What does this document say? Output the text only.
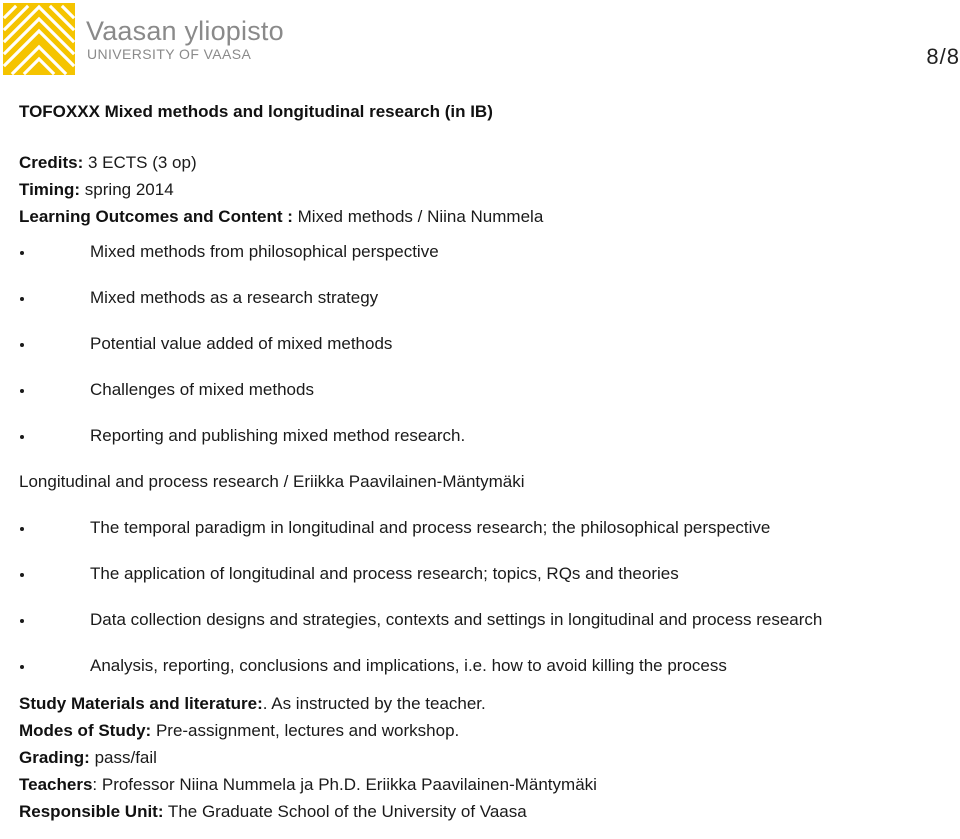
Vaasan yliopisto
UNIVERSITY OF VAASA	8/8

TOFOXXX Mixed methods and longitudinal research (in IB)

Credits: 3 ECTS (3 op)
Timing: spring 2014
Learning Outcomes and Content : Mixed methods / Niina Nummela
Mixed methods from philosophical perspective
Mixed methods as a research strategy
Potential value added of mixed methods
Challenges of mixed methods
Reporting and publishing mixed method research.
Longitudinal and process research / Eriikka Paavilainen-Mäntymäki
The temporal paradigm in longitudinal and process research; the philosophical perspective
The application of longitudinal and process research; topics, RQs and theories
Data collection designs and strategies, contexts and settings in longitudinal and process research
Analysis, reporting, conclusions and implications, i.e. how to avoid killing the process
Study Materials and literature:. As instructed by the teacher.
Modes of Study: Pre-assignment, lectures and workshop.
Grading: pass/fail
Teachers: Professor Niina Nummela ja Ph.D. Eriikka Paavilainen-Mäntymäki
Responsible Unit: The Graduate School of the University of Vaasa
